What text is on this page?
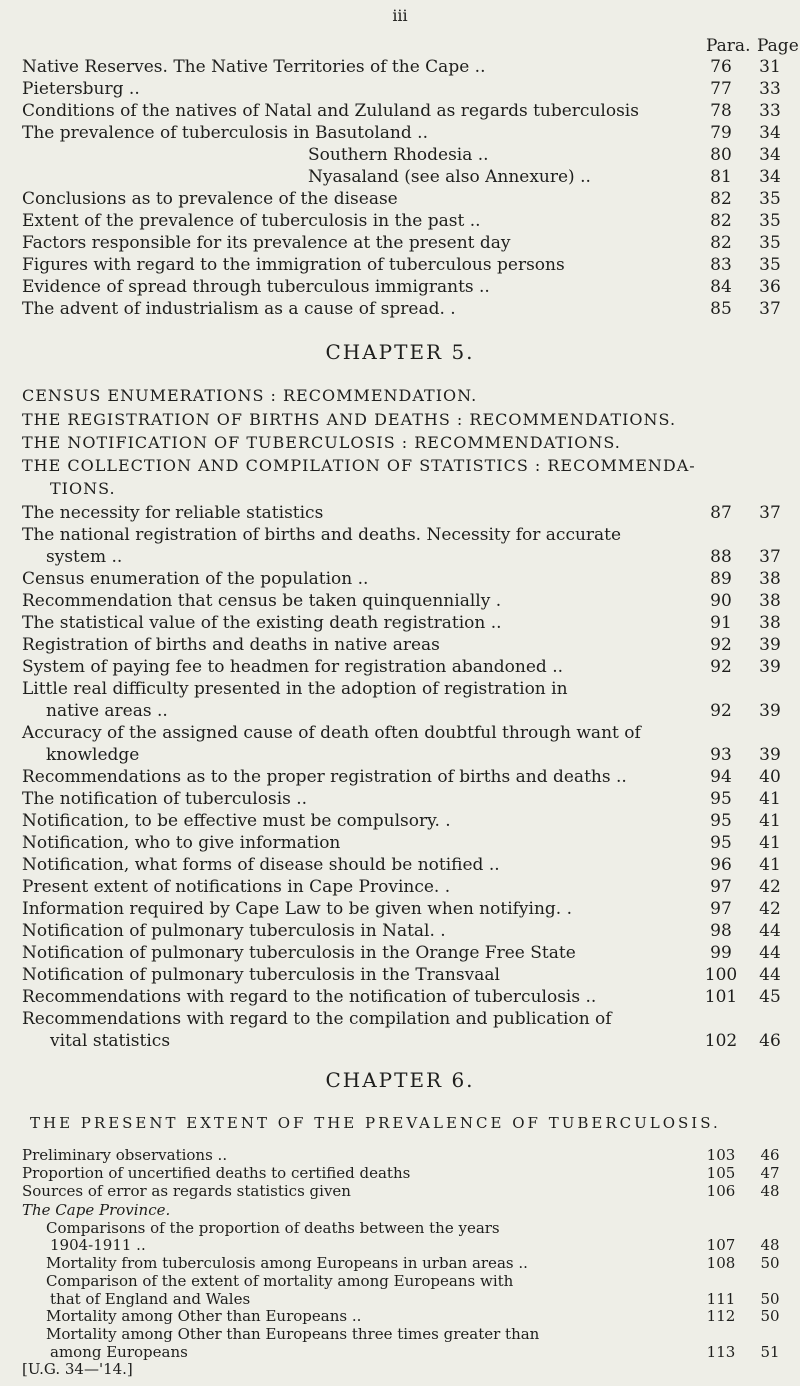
iii
Para. Page
Native Reserves. The Native Territories of the Cape ..	76	31
Pietersburg ..	77	33
Conditions of the natives of Natal and Zululand as regards tuberculosis	78	33
The prevalence of tuberculosis in Basutoland ..	79	34
Southern Rhodesia ..	80	34
Nyasaland (see also Annexure) ..	81	34
Conclusions as to prevalence of the disease	82	35
Extent of the prevalence of tuberculosis in the past ..	82	35
Factors responsible for its prevalence at the present day	82	35
Figures with regard to the immigration of tuberculous persons	83	35
Evidence of spread through tuberculous immigrants ..	84	36
The advent of industrialism as a cause of spread. .	85	37
CHAPTER 5.
CENSUS ENUMERATIONS : RECOMMENDATION.
THE REGISTRATION OF BIRTHS AND DEATHS : RECOMMENDATIONS.
THE NOTIFICATION OF TUBERCULOSIS : RECOMMENDATIONS.
THE COLLECTION AND COMPILATION OF STATISTICS : RECOMMENDA-
TIONS.
The necessity for reliable statistics	87	37
The national registration of births and deaths. Necessity for accurate
system ..	88	37
Census enumeration of the population ..	89	38
Recommendation that census be taken quinquennially .	90	38
The statistical value of the existing death registration ..	91	38
Registration of births and deaths in native areas	92	39
System of paying fee to headmen for registration abandoned ..	92	39
Little real difficulty presented in the adoption of registration in
native areas ..	92	39
Accuracy of the assigned cause of death often doubtful through want of
knowledge	93	39
Recommendations as to the proper registration of births and deaths ..	94	40
The notification of tuberculosis ..	95	41
Notification, to be effective must be compulsory. .	95	41
Notification, who to give information	95	41
Notification, what forms of disease should be notified ..	96	41
Present extent of notifications in Cape Province. .	97	42
Information required by Cape Law to be given when notifying. .	97	42
Notification of pulmonary tuberculosis in Natal. .	98	44
Notification of pulmonary tuberculosis in the Orange Free State	99	44
Notification of pulmonary tuberculosis in the Transvaal	100	44
Recommendations with regard to the notification of tuberculosis ..	101	45
Recommendations with regard to the compilation and publication of
vital statistics	102	46
CHAPTER 6.
THE PRESENT EXTENT OF THE PREVALENCE OF TUBERCULOSIS.
Preliminary observations ..	103	46
Proportion of uncertified deaths to certified deaths	105	47
Sources of error as regards statistics given	106	48
The Cape Province.
Comparisons of the proportion of deaths between the years
1904-1911 ..	107	48
Mortality from tuberculosis among Europeans in urban areas ..	108	50
Comparison of the extent of mortality among Europeans with
that of England and Wales	111	50
Mortality among Other than Europeans ..	112	50
Mortality among Other than Europeans three times greater than
among Europeans	113	51
[U.G. 34—'14.]
